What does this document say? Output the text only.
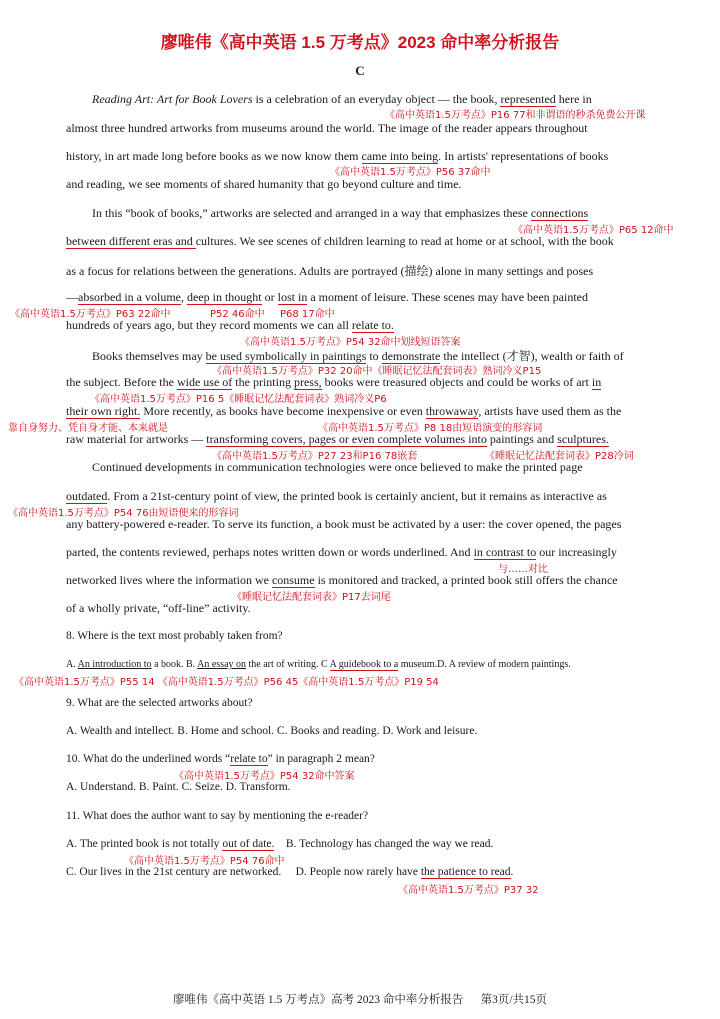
廖唯伟《高中英语 1.5 万考点》2023 命中率分析报告
C
Reading Art: Art for Book Lovers is a celebration of an everyday object — the book, represented here in
《高中英语1.5万考点》P16 77和非谓语的秒杀免费公开课
almost three hundred artworks from museums around the world. The image of the reader appears throughout
history, in art made long before books as we now know them came into being. In artists' representations of books
《高中英语1.5万考点》P56 37命中
and reading, we see moments of shared humanity that go beyond culture and time.
In this “book of books,” artworks are selected and arranged in a way that emphasizes these connections
《高中英语1.5万考点》P65 12命中
between different eras and cultures. We see scenes of children learning to read at home or at school, with the book
as a focus for relations between the generations. Adults are portrayed (描绘) alone in many settings and poses
—absorbed in a volume, deep in thought or lost in a moment of leisure. These scenes may have been painted
《高中英语1.5万考点》P63 22命中	P52 46命中 P68 17命中
hundreds of years ago, but they record moments we can all relate to.
《高中英语1.5万考点》P54 32命中划线短语答案
Books themselves may be used symbolically in paintings to demonstrate the intellect (才智), wealth or faith of
《高中英语1.5万考点》P32 20命中《睡眠记忆法配套词表》熟词冷义P15
the subject. Before the wide use of the printing press, books were treasured objects and could be works of art in
《高中英语1.5万考点》P16 5《睡眠记忆法配套词表》熟词冷义P6
靠自身努力、凭自身才能、本来就是
their own right. More recently, as books have become inexpensive or even throwaway, artists have used them as the
《高中英语1.5万考点》P8 18由短语演变的形容词
raw material for artworks — transforming covers, pages or even complete volumes into paintings and sculptures.
《高中英语1.5万考点》P27 23和P16 78嵌套	《睡眠记忆法配套词表》P28冷词
Continued developments in communication technologies were once believed to make the printed page
outdated. From a 21st-century point of view, the printed book is certainly ancient, but it remains as interactive as
《高中英语1.5万考点》P54 76由短语便来的形容词
any battery-powered e-reader. To serve its function, a book must be activated by a user: the cover opened, the pages
parted, the contents reviewed, perhaps notes written down or words underlined. And in contrast to our increasingly
与……对比
networked lives where the information we consume is monitored and tracked, a printed book still offers the chance
《睡眠记忆法配套词表》P17去词尾
of a wholly private, “off-line” activity.
8. Where is the text most probably taken from?
A. An introduction to a book. B. An essay on the art of writing. C A guidebook to a museum.D. A review of modern paintings.
《高中英语1.5万考点》P55 14 《高中英语1.5万考点》P56 45《高中英语1.5万考点》P19 54
9. What are the selected artworks about?
A. Wealth and intellect. B. Home and school. C. Books and reading. D. Work and leisure.
10. What do the underlined words “relate to” in paragraph 2 mean?
《高中英语1.5万考点》P54 32命中答案
A. Understand. B. Paint. C. Seize. D. Transform.
11. What does the author want to say by mentioning the e-reader?
A. The printed book is not totally out of date.    B. Technology has changed the way we read.
《高中英语1.5万考点》P54 76命中
C. Our lives in the 21st century are networked.     D. People now rarely have the patience to read.
《高中英语1.5万考点》P37 32
廖唯伟《高中英语 1.5 万考点》高考 2023 命中率分析报告 第3页/共15页
